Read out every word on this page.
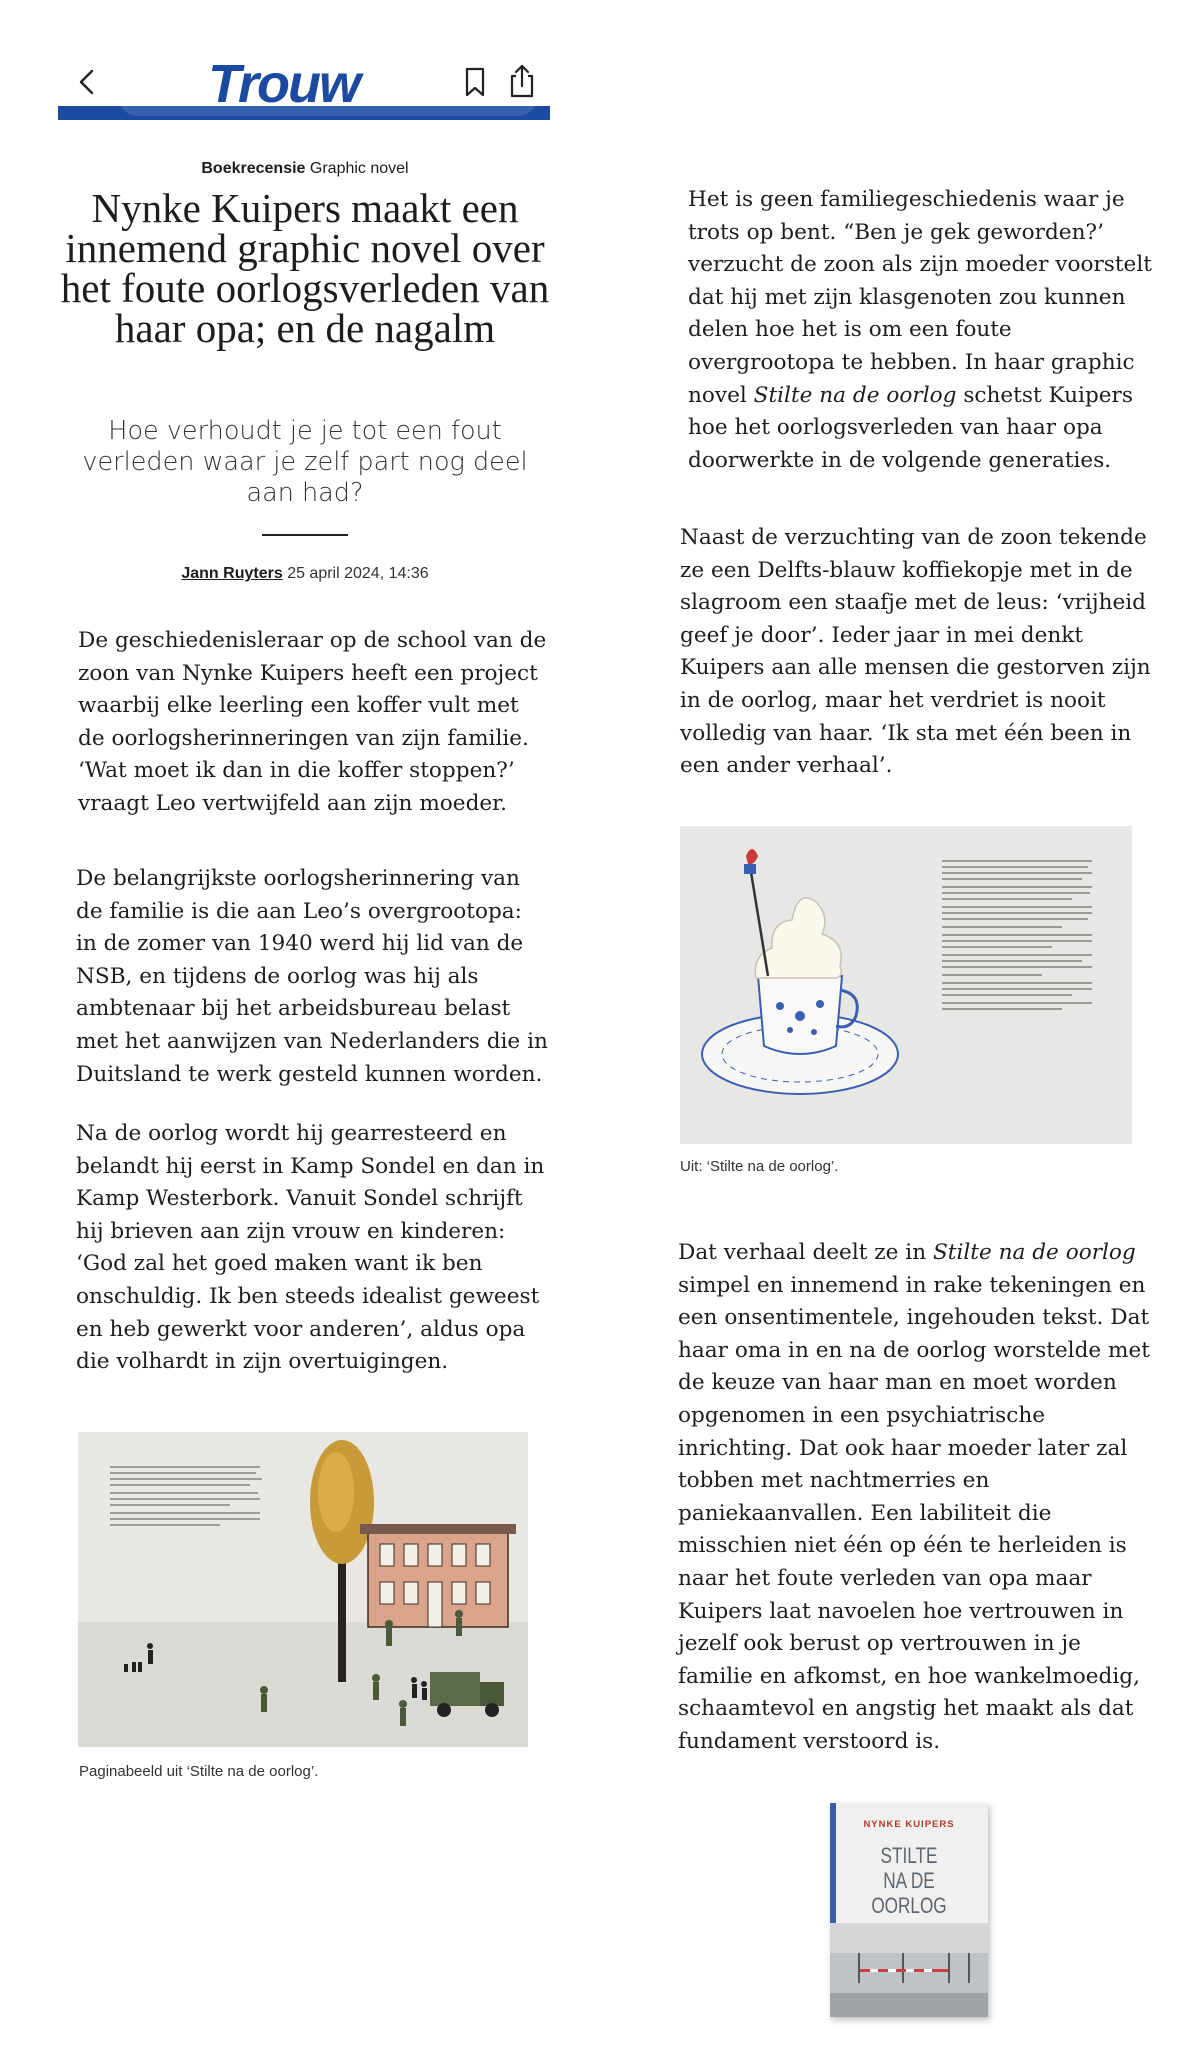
Trouw
Boekrecensie Graphic novel
Nynke Kuipers maakt een innemend graphic novel over het foute oorlogsverleden van haar opa; en de nagalm

Hoe verhoudt je je tot een fout verleden waar je zelf part nog deel aan had?

Jann Ruyters 25 april 2024, 14:36

De geschiedenisleraar op de school van de zoon van Nynke Kuipers heeft een project waarbij elke leerling een koffer vult met de oorlogsherinneringen van zijn familie. ‘Wat moet ik dan in die koffer stoppen?’ vraagt Leo vertwijfeld aan zijn moeder.

De belangrijkste oorlogsherinnering van de familie is die aan Leo’s overgrootopa: in de zomer van 1940 werd hij lid van de NSB, en tijdens de oorlog was hij als ambtenaar bij het arbeidsbureau belast met het aanwijzen van Nederlanders die in Duitsland te werk gesteld kunnen worden.

Na de oorlog wordt hij gearresteerd en belandt hij eerst in Kamp Sondel en dan in Kamp Westerbork. Vanuit Sondel schrijft hij brieven aan zijn vrouw en kinderen: ‘God zal het goed maken want ik ben onschuldig. Ik ben steeds idealist geweest en heb gewerkt voor anderen’, aldus opa die volhardt in zijn overtuigingen.

Paginabeeld uit ‘Stilte na de oorlog’.

Het is geen familiegeschiedenis waar je trots op bent. “Ben je gek geworden?’ verzucht de zoon als zijn moeder voorstelt dat hij met zijn klasgenoten zou kunnen delen hoe het is om een foute overgrootopa te hebben. In haar graphic novel Stilte na de oorlog schetst Kuipers hoe het oorlogsverleden van haar opa doorwerkte in de volgende generaties.

Naast de verzuchting van de zoon tekende ze een Delfts-blauw koffiekopje met in de slagroom een staafje met de leus: ‘vrijheid geef je door’. Ieder jaar in mei denkt Kuipers aan alle mensen die gestorven zijn in de oorlog, maar het verdriet is nooit volledig van haar. ‘Ik sta met één been in een ander verhaal’.

Uit: ‘Stilte na de oorlog’.

Dat verhaal deelt ze in Stilte na de oorlog simpel en innemend in rake tekeningen en een onsentimentele, ingehouden tekst. Dat haar oma in en na de oorlog worstelde met de keuze van haar man en moet worden opgenomen in een psychiatrische inrichting. Dat ook haar moeder later zal tobben met nachtmerries en paniekaanvallen. Een labiliteit die misschien niet één op één te herleiden is naar het foute verleden van opa maar Kuipers laat navoelen hoe vertrouwen in jezelf ook berust op vertrouwen in je familie en afkomst, en hoe wankelmoedig, schaamtevol en angstig het maakt als dat fundament verstoord is.

NYNKE KUIPERS
STILTE
NA DE
OORLOG
